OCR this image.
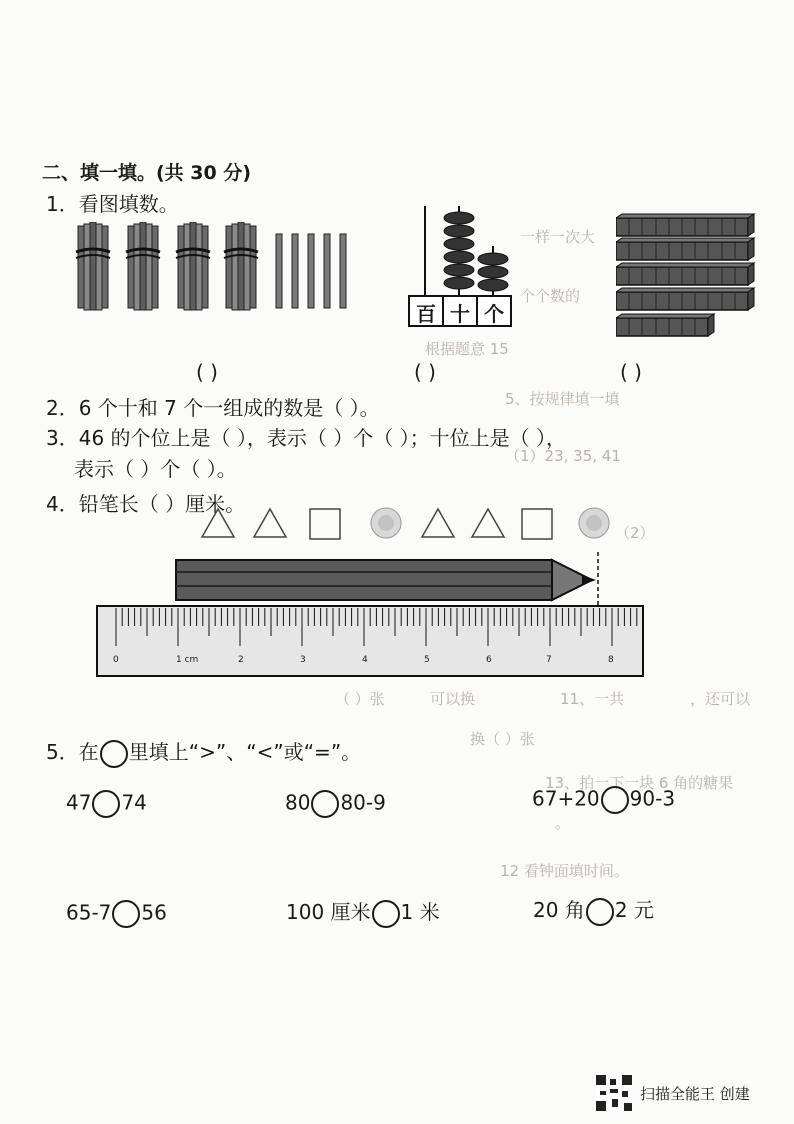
一样一次大
个个数的
根据题意 15
5、按规律填一填
（1）23, 35, 41
（2）
11、一共
（ ）张	可以换	，还可以
换（ ）张
13、拍一下一块 6 角的糖果
。
12 看钟面填时间。
二、填一填。(共 30 分)
1．看图填数。
百 十 个
( )	( )	( )
2．6 个十和 7 个一组成的数是（ ）。
3．46 的个位上是（ ），表示（ ）个（ ）；十位上是（ ），
表示（ ）个（ ）。
4．铅笔长（ ）厘米。
0	1 cm	2	3	4	5	6	7	8
5．在 里填上“>”、“<”或“=”。
47 74	80 80-9	67+20 90-3
65-7 56	100 厘米 1 米	20 角 2 元
扫描全能王 创建
